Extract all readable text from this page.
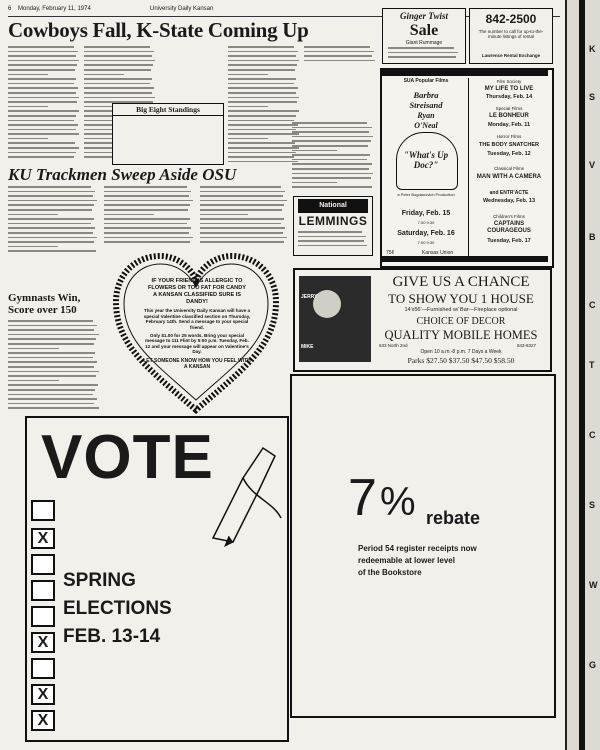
6 Monday, February 11, 1974	University Daily Kansan
Cowboys Fall, K-State Coming Up
Big Eight Standings
KU Trackmen Sweep Aside OSU
Gymnasts Win, Score over 150
National
LEMMINGS
Ginger Twist
Sale
Giant Rummage
842-2500
The number to call for up-to-the-minute listings of rental
Lawrence Rental Exchange
SUA Popular Films
Barbra
Streisand
Ryan
O'Neal
"What's Up Doc?"
a Peter Bogdanovich Production
Friday, Feb. 15
7:00 9:30
Saturday, Feb. 16
7:00 9:30
75¢	Kansas Union
Film Society
MY LIFE TO LIVE
Thursday, Feb. 14
Special Films
LE BONHEUR
Monday, Feb. 11
Horror Films
THE BODY SNATCHER
Tuesday, Feb. 12
Classical Films
MAN WITH A CAMERA
and ENTR'ACTE
Wednesday, Feb. 13
Children's Films
CAPTAINS COURAGEOUS
Tuesday, Feb. 17
JERRY
MIKE
GIVE US A CHANCE
TO SHOW YOU 1 HOUSE
14'x56'—Furnished w/ Bar—Fireplace optional
CHOICE OF DECOR
QUALITY MOBILE HOMES
633 North 2nd	843-8327
Open 10 a.m.-8 p.m. 7 Days a Week
Parks $27.50 $37.50 $47.50 $58.50
IF YOUR FRIEND IS ALLERGIC TO FLOWERS OR TOO FAT FOR CANDY
A KANSAN CLASSIFIED SURE IS DANDY!
This year the University Daily Kansan will have a special Valentine classified section on Thursday, February 14th. Send a message to your special friend.
Only $1.00 for 25 words. Bring your special message to 111 Flint by 5:00 p.m. Tuesday, Feb. 12 and your message will appear on Valentine's Day.
LET SOMEONE KNOW HOW YOU FEEL WITH A KANSAN
VOTE
SPRING
ELECTIONS
FEB. 13-14
X
X
X
X
7 % rebate
Period 54 register receipts now
redeemable at lower level
of the Bookstore
K
S
V
B
C
T
C
S
W
G
